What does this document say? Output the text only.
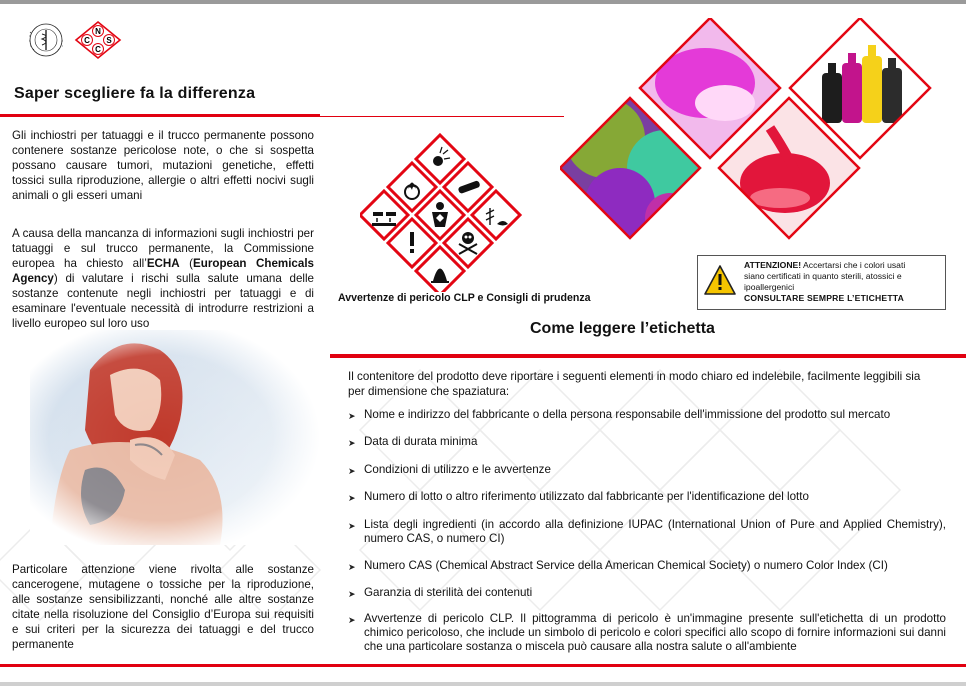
C
N
S
C
Saper scegliere fa la differenza

Gli inchiostri per tatuaggi e il trucco permanente possono contenere sostanze pericolose note, o che si sospetta possano causare tumori, mutazioni genetiche, effetti tossici sulla riproduzione, allergie o altri effetti nocivi sugli animali o gli esseri umani

A causa della mancanza di informazioni sugli inchiostri per tatuaggi e sul trucco permanente, la Commissione europea ha chiesto all’ECHA (European Chemicals Agency) di valutare i rischi sulla salute umana delle sostanze contenute negli inchiostri per tatuaggi e di esaminare l'eventuale necessità di introdurre restrizioni a livello europeo sul loro uso

Particolare attenzione viene rivolta alle sostanze cancerogene, mutagene o tossiche per la riproduzione, alle sostanze sensibilizzanti, nonché alle altre sostanze citate nella risoluzione del Consiglio d’Europa sui requisiti e sui criteri per la sicurezza dei tatuaggi e del trucco permanente

Avvertenze di pericolo CLP e Consigli di prudenza
ATTENZIONE! Accertarsi che i colori usati
siano certificati in quanto sterili, atossici e ipoallergenici
CONSULTARE SEMPRE L’ETICHETTA
Come leggere l’etichetta

Il contenitore del prodotto deve riportare i seguenti elementi in modo chiaro ed indelebile, facilmente leggibili sia per dimensione che spaziatura:

➤ Nome e indirizzo del fabbricante o della persona responsabile dell'immissione del prodotto sul mercato
➤ Data di durata minima
➤ Condizioni di utilizzo e le avvertenze
➤ Numero di lotto o altro riferimento utilizzato dal fabbricante per l'identificazione del lotto
➤ Lista degli ingredienti (in accordo alla definizione IUPAC (International Union of Pure and Applied Chemistry), numero CAS, o numero CI)
➤ Numero CAS (Chemical Abstract Service della American Chemical Society) o numero Color Index (CI)
➤ Garanzia di sterilità dei contenuti
➤ Avvertenze di pericolo CLP. Il pittogramma di pericolo è un'immagine presente sull'etichetta di un prodotto chimico pericoloso, che include un simbolo di pericolo e colori specifici allo scopo di fornire informazioni sui danni che una particolare sostanza o miscela può causare alla nostra salute o all'ambiente
